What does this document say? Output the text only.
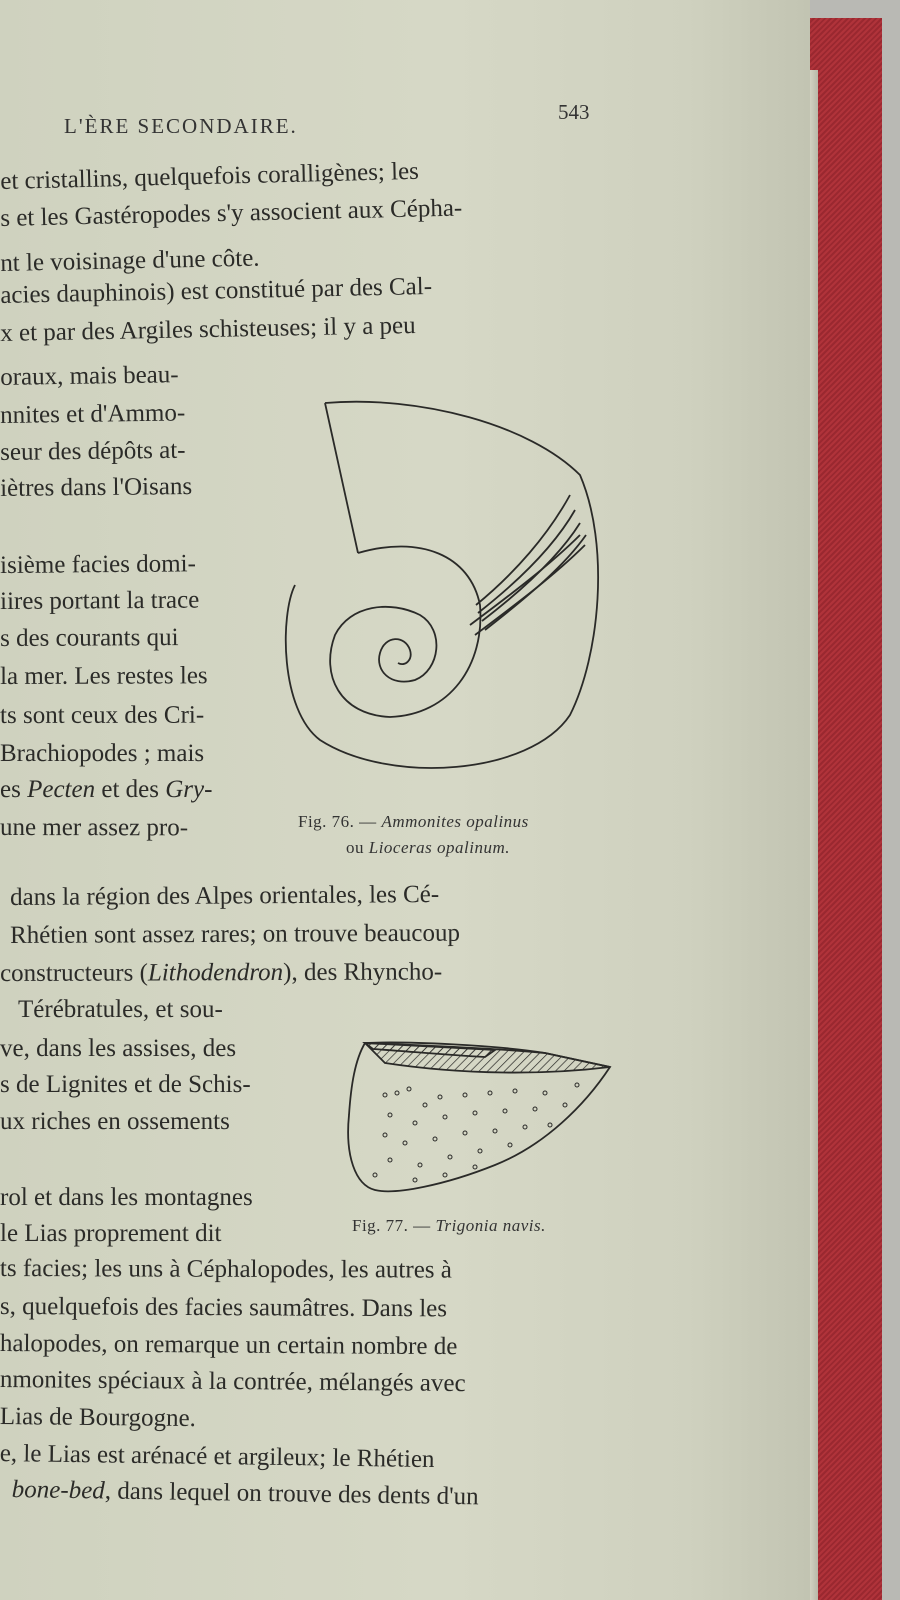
L'ÈRE SECONDAIRE.
543
et cristallins, quelquefois coralligènes; les
s et les Gastéropodes s'y associent aux Cépha-
nt le voisinage d'une côte.
acies dauphinois) est constitué par des Cal-
x et par des Argiles schisteuses; il y a peu
oraux, mais beau-
nnites et d'Ammo-
seur des dépôts at-
iètres dans l'Oisans
isième facies domi-
iires portant la trace
s des courants qui
la mer. Les restes les
ts sont ceux des Cri-
Brachiopodes ; mais
es Pecten et des Gry-
une mer assez pro-
dans la région des Alpes orientales, les Cé-
Rhétien sont assez rares; on trouve beaucoup
constructeurs (Lithodendron), des Rhyncho-
Térébratules, et sou-
ve, dans les assises, des
s de Lignites et de Schis-
ux riches en ossements
rol et dans les montagnes
le Lias proprement dit
ts facies; les uns à Céphalopodes, les autres à
s, quelquefois des facies saumâtres. Dans les
halopodes, on remarque un certain nombre de
nmonites spéciaux à la contrée, mélangés avec
Lias de Bourgogne.
e, le Lias est arénacé et argileux; le Rhétien
bone-bed, dans lequel on trouve des dents d'un
Fig. 76. — Ammonites opalinus
ou Lioceras opalinum.
Fig. 77. — Trigonia navis.
